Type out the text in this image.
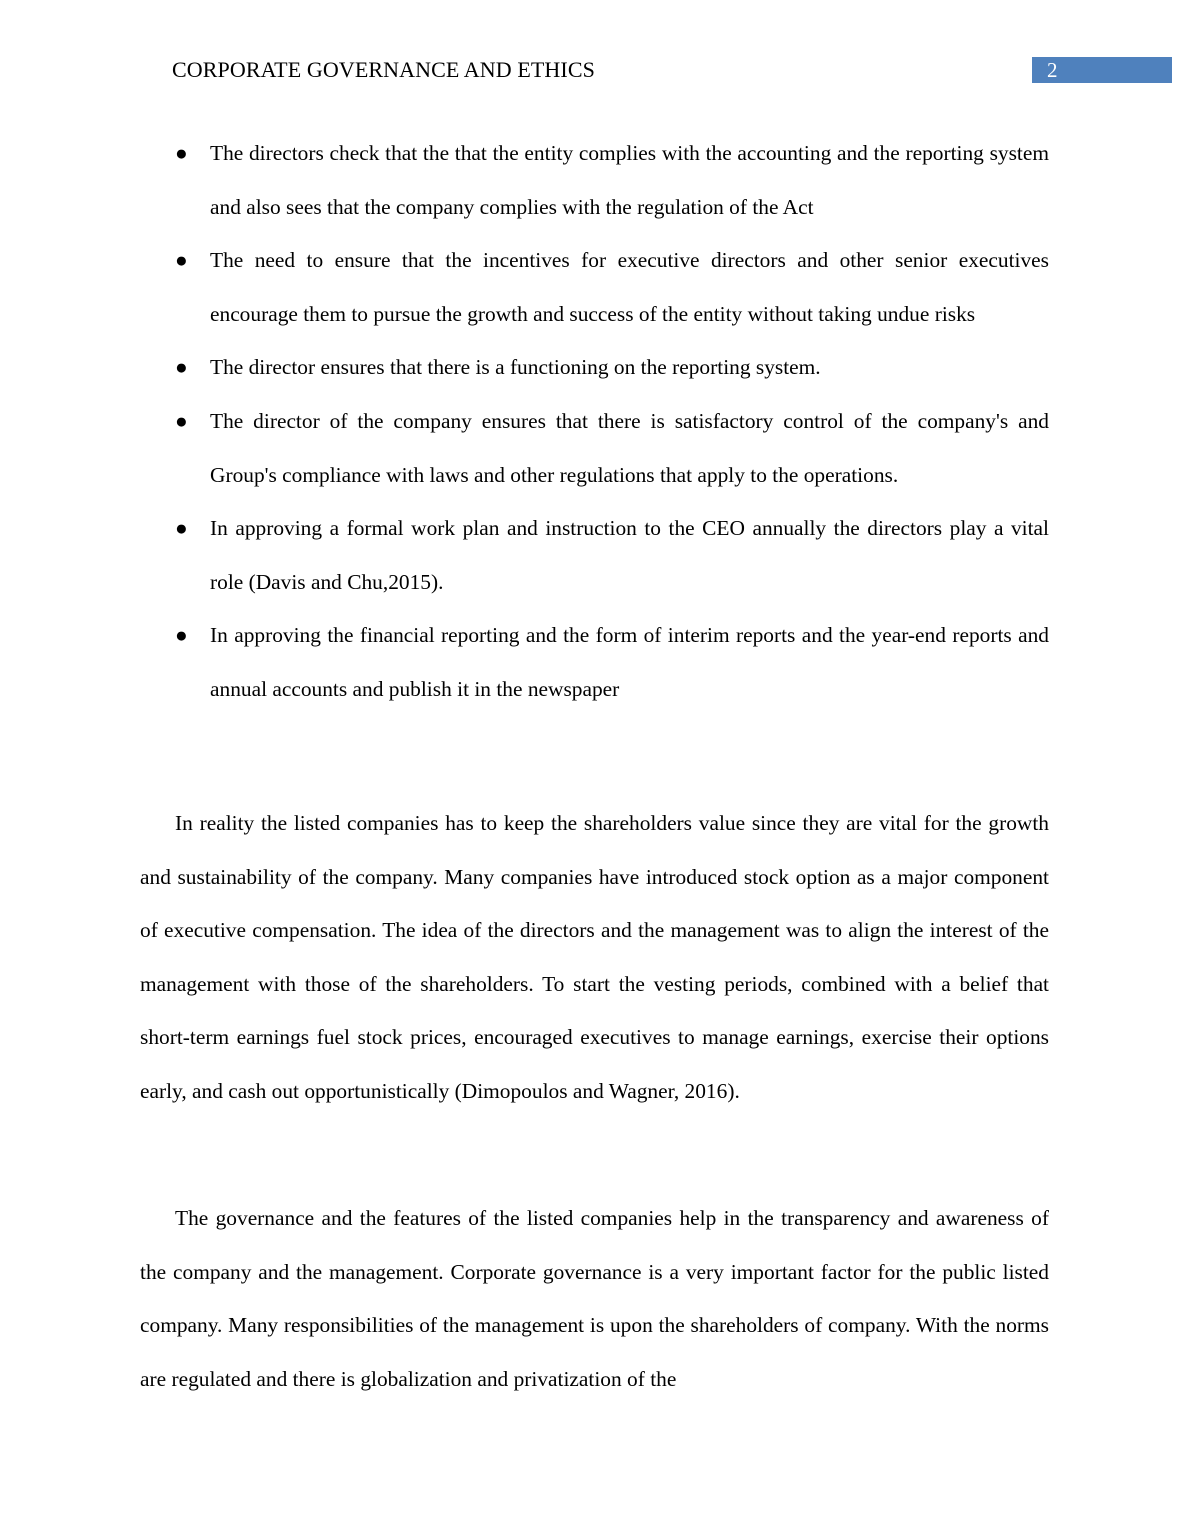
CORPORATE GOVERNANCE AND ETHICS	2
● The directors check that the that the entity complies with the accounting and the reporting system and also sees that the company complies with the regulation of the Act
● The need to ensure that the incentives for executive directors and other senior executives encourage them to pursue the growth and success of the entity without taking undue risks
● The director ensures that there is a functioning on the reporting system.
● The director of the company ensures that there is satisfactory control of the company's and Group's compliance with laws and other regulations that apply to the operations.
● In approving a formal work plan and instruction to the CEO annually the directors play a vital role (Davis and Chu,2015).
● In approving the financial reporting and the form of interim reports and the year-end reports and annual accounts and publish it in the newspaper

In reality the listed companies has to keep the shareholders value since they are vital for the growth and sustainability of the company. Many companies have introduced stock option as a major component of executive compensation. The idea of the directors and the management was to align the interest of the management with those of the shareholders. To start the vesting periods, combined with a belief that short-term earnings fuel stock prices, encouraged executives to manage earnings, exercise their options early, and cash out opportunistically (Dimopoulos and Wagner, 2016).

The governance and the features of the listed companies help in the transparency and awareness of the company and the management. Corporate governance is a very important factor for the public listed company. Many responsibilities of the management is upon the shareholders of company. With the norms are regulated and there is globalization and privatization of the
